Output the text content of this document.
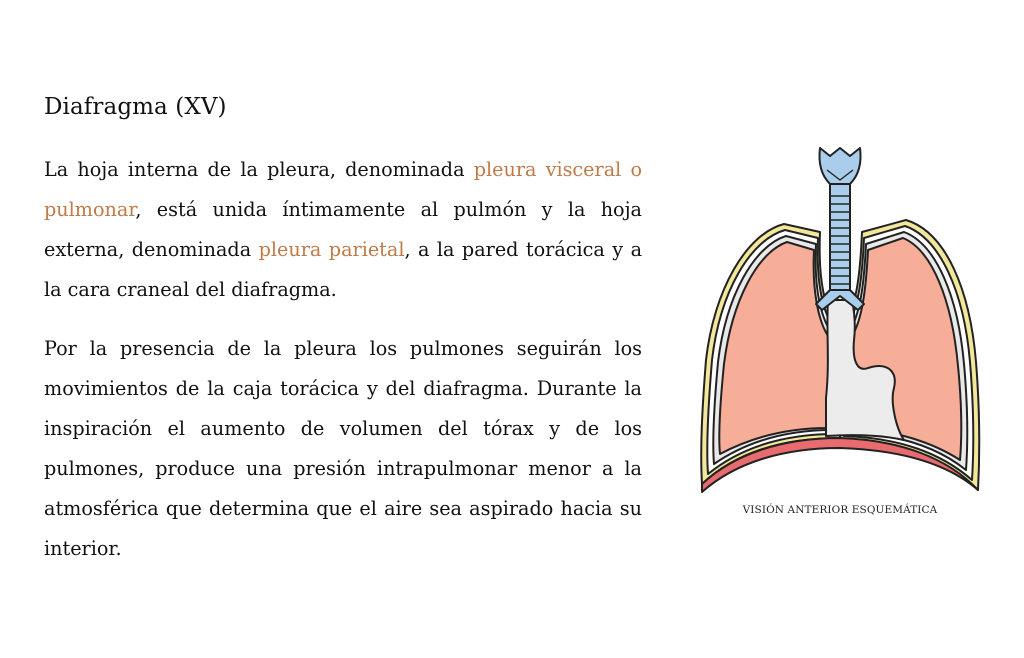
Diafragma (XV)

La hoja interna de la pleura, denominada pleura visceral o pulmonar, está unida íntimamente al pulmón y la hoja externa, denominada pleura parietal, a la pared torácica y a la cara craneal del diafragma.

Por la presencia de la pleura los pulmones seguirán los movimientos de la caja torácica y del diafragma. Durante la inspiración el aumento de volumen del tórax y de los pulmones, produce una presión intrapulmonar menor a la atmosférica que determina que el aire sea aspirado hacia su interior.

VISIÓN ANTERIOR ESQUEMÁTICA
